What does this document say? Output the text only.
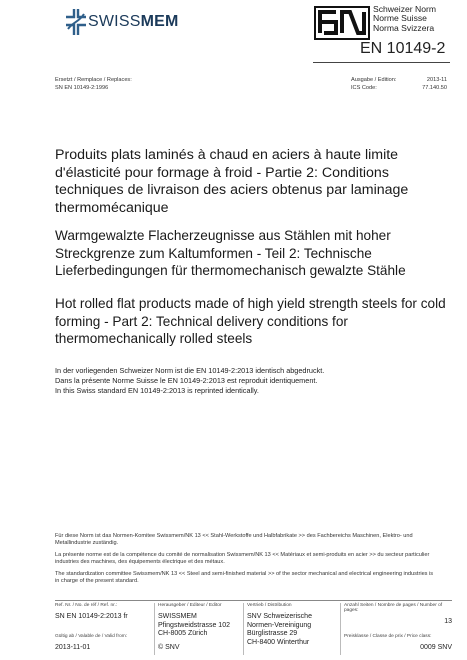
SWISSMEM
Schweizer Norm
Norme Suisse
Norma Svizzera
EN 10149-2
Ersetzt / Remplace / Replaces:
SN EN 10149-2:1996
Ausgabe / Edition:	2013-11
ICS Code:	77.140.50
Produits plats laminés à chaud en aciers à haute limite d'élasticité pour formage à froid - Partie 2: Conditions techniques de livraison des aciers obtenus par laminage thermomécanique
Warmgewalzte Flacherzeugnisse aus Stählen mit hoher Streckgrenze zum Kaltumformen - Teil 2: Technische Lieferbedingungen für thermomechanisch gewalzte Stähle
Hot rolled flat products made of high yield strength steels for cold forming - Part 2: Technical delivery conditions for thermomechanically rolled steels
In der vorliegenden Schweizer Norm ist die EN 10149-2:2013 identisch abgedruckt.
Dans la présente Norme Suisse le EN 10149-2:2013 est reproduit identiquement.
In this Swiss standard EN 10149-2:2013 is reprinted identically.

Für diese Norm ist das Normen-Komitee Swissmem/NK 13 << Stahl-Werkstoffe und Halbfabrikate >> des Fachbereichs Maschinen, Elektro- und Metallindustrie zuständig.

La présente norme est de la compétence du comité de normalisation Swissmem/NK 13 << Matériaux et semi-produits en acier >> du secteur particulier industries des machines, des équipements électrique et des métaux.

The standardization committee Swissmem/NK 13 << Steel and semi-finished material >> of the sector mechanical and electrical engineering industries is in charge of the present standard.

Ref. Nr. / No. de réf / Ref. nr.:
SN EN 10149-2:2013 fr
Herausgeber / Editeur / Editor
SWISSMEM
Pfingstweidstrasse 102
CH-8005 Zürich
Vertrieb / Distribution
SNV Schweizerische
Normen-Vereinigung
Bürglistrasse 29
CH-8400 Winterthur
Anzahl Seiten / Nombre de pages / Number of pages:
13
Gültig ab / Valable de / Valid from:
2013-11-01	© SNV
Preisklasse / Classe de prix / Price class:
0009 SNV
